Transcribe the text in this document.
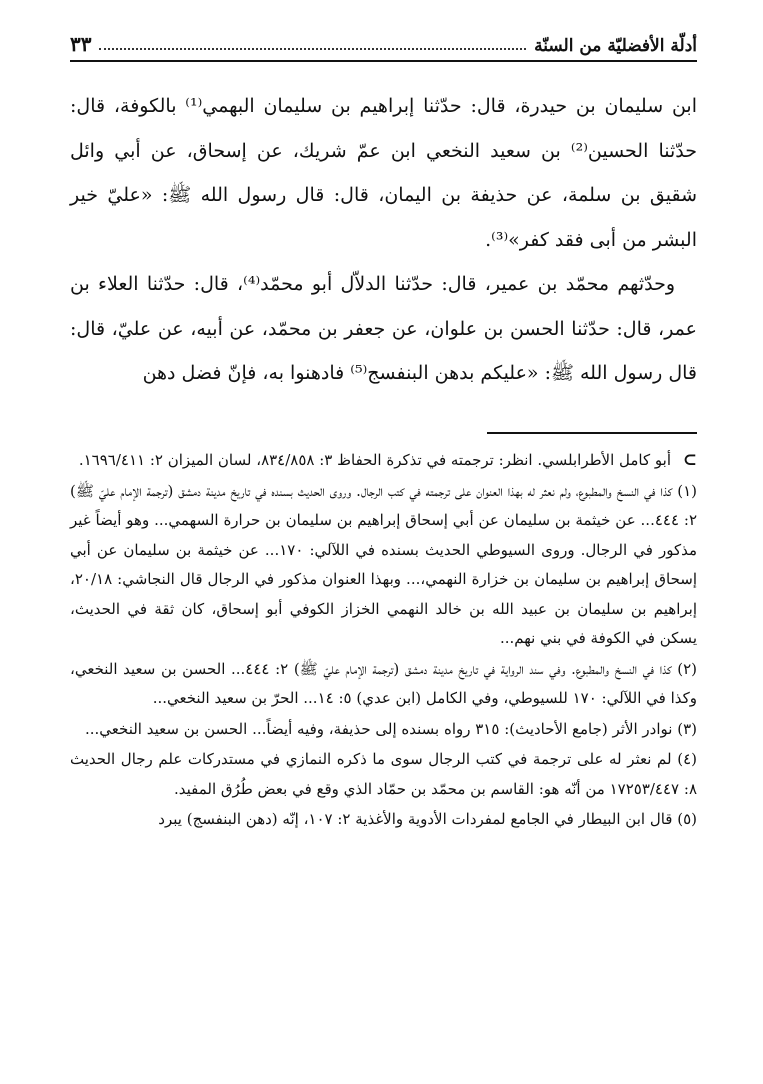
أدلّة الأفضليّة من السنّة
٣٣

ابن سليمان بن حيدرة، قال: حدّثنا إبراهيم بن سليمان البهمي⁽¹⁾ بالكوفة، قال: حدّثنا الحسين⁽²⁾ بن سعيد النخعي ابن عمّ شريك، عن إسحاق، عن أبي وائل شقيق بن سلمة، عن حذيفة بن اليمان، قال: قال رسول الله ﷺ: «عليّ خير البشر من أبى فقد كفر»⁽³⁾.

وحدّثهم محمّد بن عمير، قال: حدّثنا الدلاّل أبو محمّد⁽⁴⁾، قال: حدّثنا العلاء بن عمر، قال: حدّثنا الحسن بن علوان، عن جعفر بن محمّد، عن أبيه، عن عليّ، قال: قال رسول الله ﷺ: «عليكم بدهن البنفسج⁽⁵⁾ فادهنوا به، فإنّ فضل دهن

⊃
أبو كامل الأطرابلسي. انظر: ترجمته في تذكرة الحفاظ ٣: ٨٣٤/٨٥٨، لسان الميزان ٢: ١٦٩٦/٤١١.

(١) كذا في النسخ والمطبوع، ولم نعثر له بهذا العنوان على ترجمته في كتب الرجال. وروى الحديث بسنده في تاريخ مدينة دمشق (ترجمة الإمام عليّ ﷺ) ٢: ٤٤٤... عن خيثمة بن سليمان عن أبي إسحاق إبراهيم بن سليمان بن حرارة السهمي... وهو أيضاً غير مذكور في الرجال. وروى السيوطي الحديث بسنده في اللآلي: ١٧٠... عن خيثمة بن سليمان عن أبي إسحاق إبراهيم بن سليمان بن خزارة النهمي،... وبهذا العنوان مذكور في الرجال قال النجاشي: ٢٠/١٨، إبراهيم بن سليمان بن عبيد الله بن خالد النهمي الخزاز الكوفي أبو إسحاق، كان ثقة في الحديث، يسكن في الكوفة في بني نهم...

(٢) كذا في النسخ والمطبوع. وفي سند الرواية في تاريخ مدينة دمشق (ترجمة الإمام عليّ ﷺ) ٢: ٤٤٤... الحسن بن سعيد النخعي، وكذا في اللآلي: ١٧٠ للسيوطي، وفي الكامل (ابن عدي) ٥: ١٤... الحرّ بن سعيد النخعي...

(٣) نوادر الأثر (جامع الأحاديث): ٣١٥ رواه بسنده إلى حذيفة، وفيه أيضاً... الحسن بن سعيد النخعي...

(٤) لم نعثر له على ترجمة في كتب الرجال سوى ما ذكره النمازي في مستدركات علم رجال الحديث ٨: ١٧٢٥٣/٤٤٧ من أنّه هو: القاسم بن محمّد بن حمّاد الذي وقع في بعض طُرُق المفيد.

(٥) قال ابن البيطار في الجامع لمفردات الأدوية والأغذية ٢: ١٠٧، إنّه (دهن البنفسج) يبرد
